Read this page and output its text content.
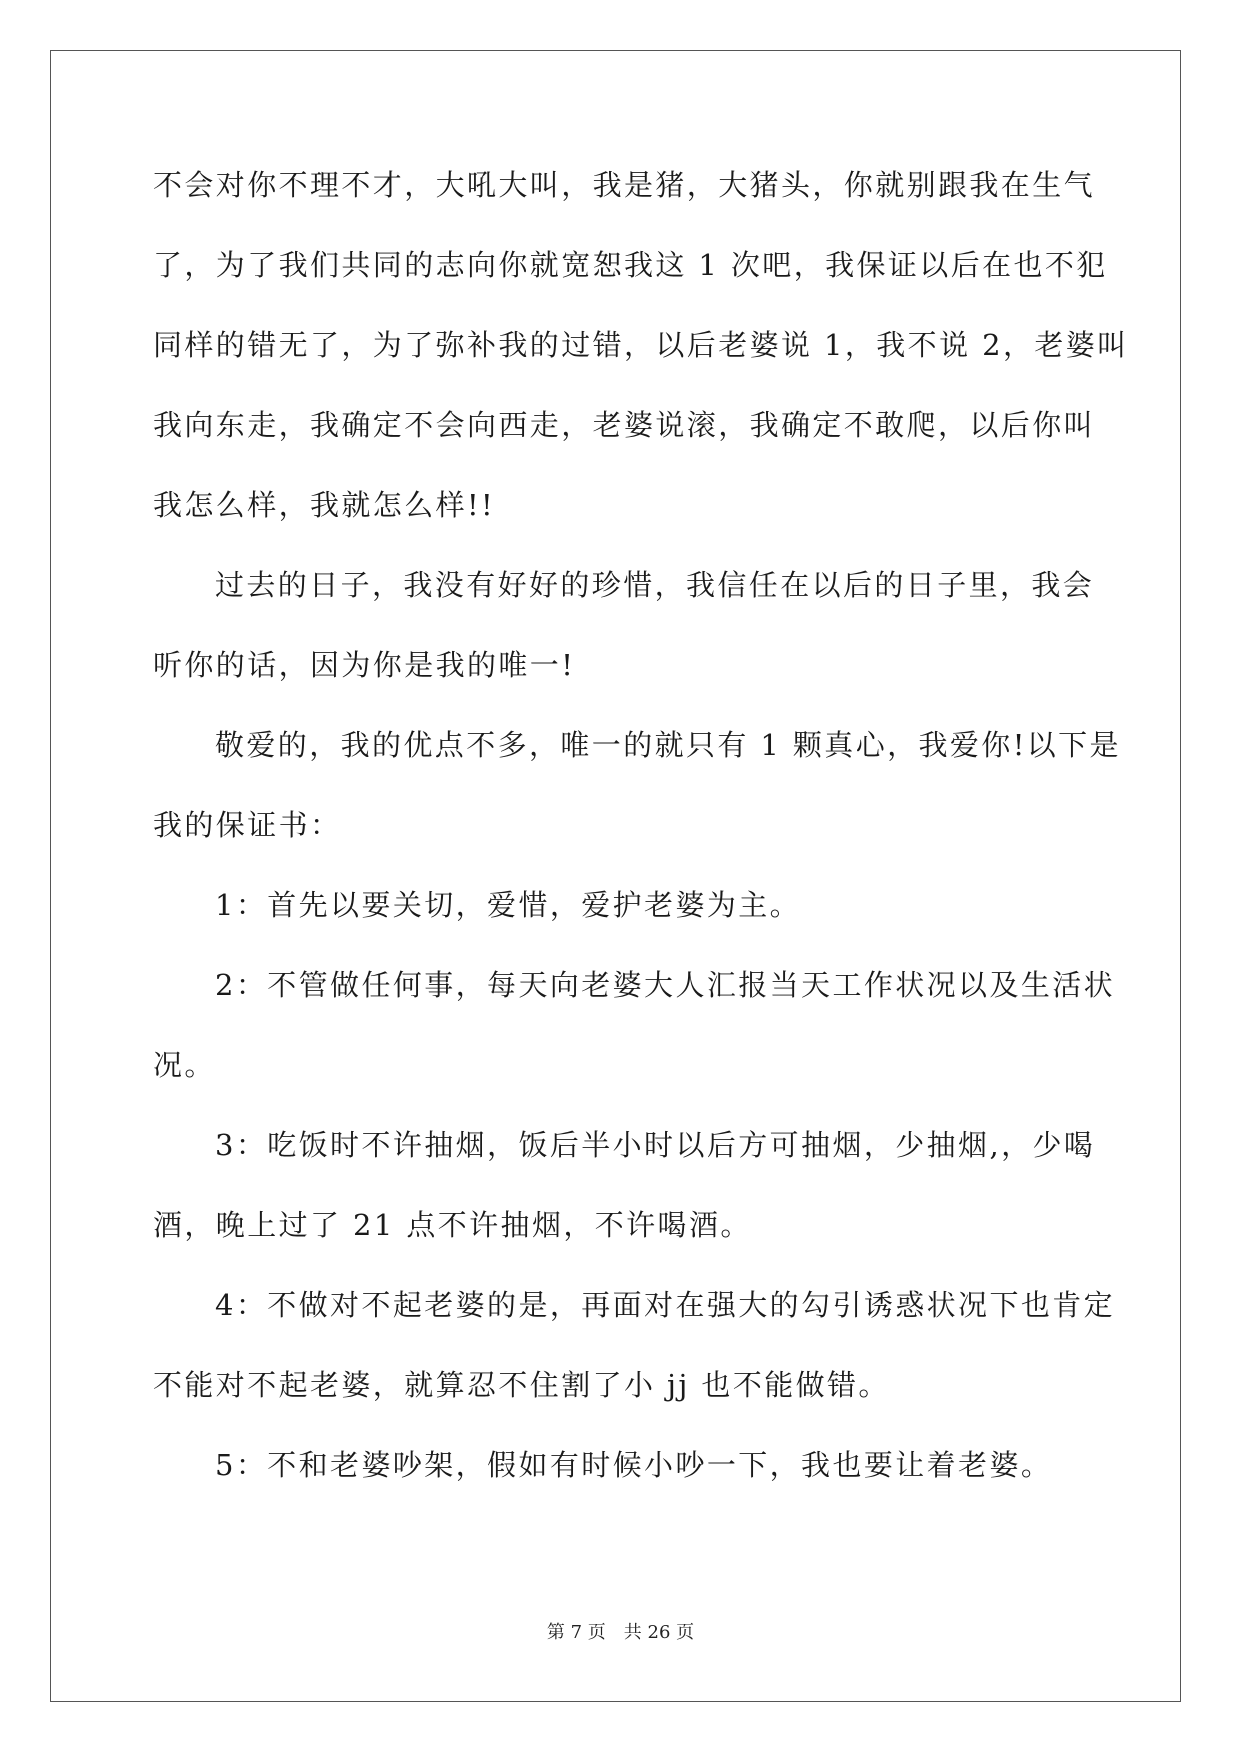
不会对你不理不才，大吼大叫，我是猪，大猪头，你就别跟我在生气
了，为了我们共同的志向你就宽恕我这 1 次吧，我保证以后在也不犯
同样的错无了，为了弥补我的过错，以后老婆说 1，我不说 2，老婆叫
我向东走，我确定不会向西走，老婆说滚，我确定不敢爬，以后你叫
我怎么样，我就怎么样!!
过去的日子，我没有好好的珍惜，我信任在以后的日子里，我会
听你的话，因为你是我的唯一!
敬爱的，我的优点不多，唯一的就只有 1 颗真心，我爱你!以下是
我的保证书：
1：首先以要关切，爱惜，爱护老婆为主。
2：不管做任何事，每天向老婆大人汇报当天工作状况以及生活状
况。
3：吃饭时不许抽烟，饭后半小时以后方可抽烟，少抽烟,，少喝
酒，晚上过了 21 点不许抽烟，不许喝酒。
4：不做对不起老婆的是，再面对在强大的勾引诱惑状况下也肯定
不能对不起老婆，就算忍不住割了小 jj 也不能做错。
5：不和老婆吵架，假如有时候小吵一下，我也要让着老婆。
第 7 页　共 26 页
